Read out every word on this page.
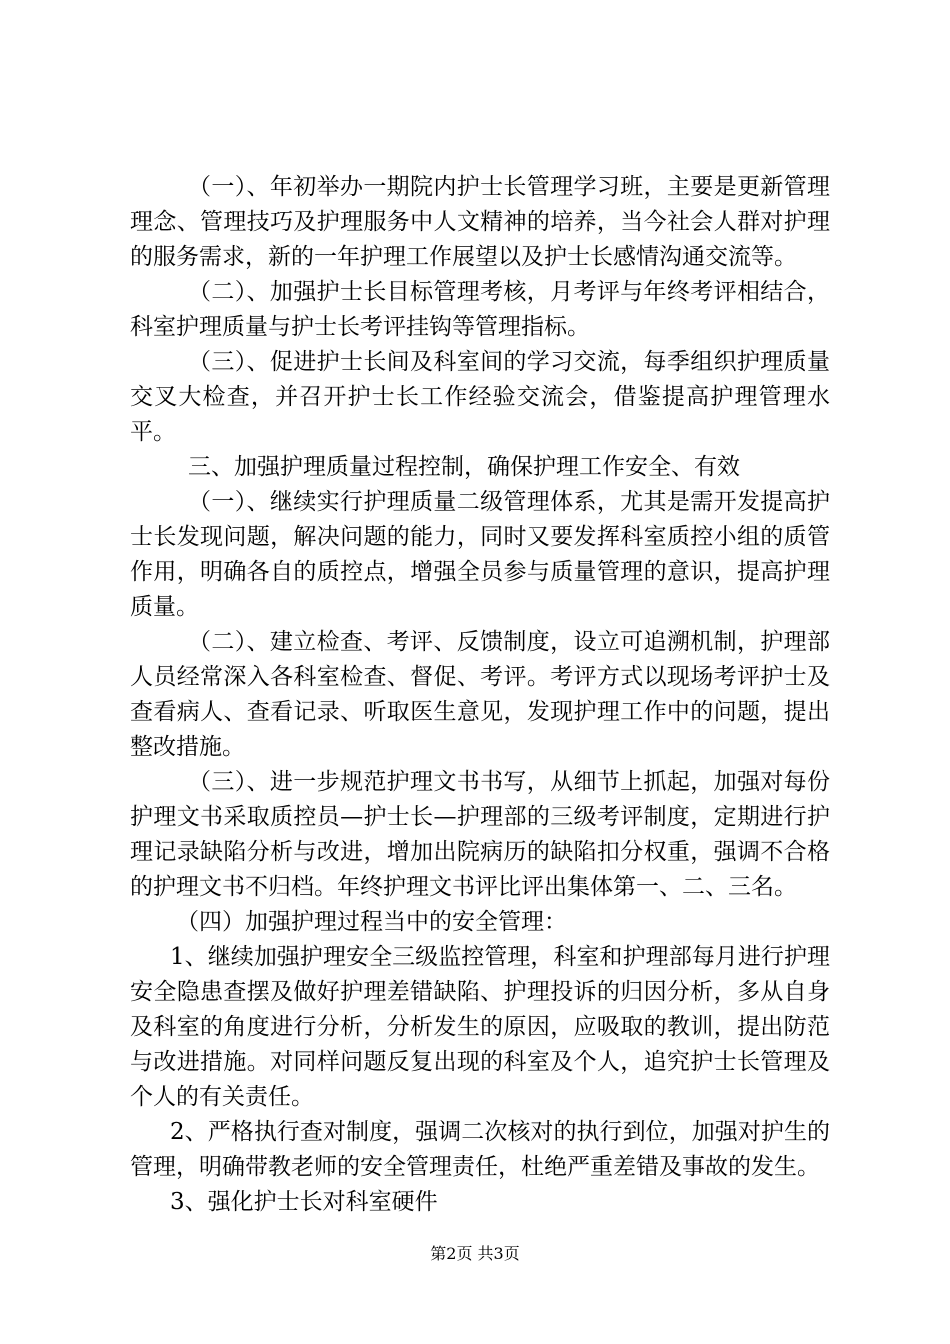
（一）、年初举办一期院内护士长管理学习班，主要是更新管理理念、管理技巧及护理服务中人文精神的培养，当今社会人群对护理的服务需求，新的一年护理工作展望以及护士长感情沟通交流等。

（二）、加强护士长目标管理考核，月考评与年终考评相结合，科室护理质量与护士长考评挂钩等管理指标。

（三）、促进护士长间及科室间的学习交流，每季组织护理质量交叉大检查，并召开护士长工作经验交流会，借鉴提高护理管理水平。

三、加强护理质量过程控制，确保护理工作安全、有效

（一）、继续实行护理质量二级管理体系，尤其是需开发提高护士长发现问题，解决问题的能力，同时又要发挥科室质控小组的质管作用，明确各自的质控点，增强全员参与质量管理的意识，提高护理质量。

（二）、建立检查、考评、反馈制度，设立可追溯机制，护理部人员经常深入各科室检查、督促、考评。考评方式以现场考评护士及查看病人、查看记录、听取医生意见，发现护理工作中的问题，提出整改措施。

（三）、进一步规范护理文书书写，从细节上抓起，加强对每份护理文书采取质控员—护士长—护理部的三级考评制度，定期进行护理记录缺陷分析与改进，增加出院病历的缺陷扣分权重，强调不合格的护理文书不归档。年终护理文书评比评出集体第一、二、三名。

（四）加强护理过程当中的安全管理：

1、继续加强护理安全三级监控管理，科室和护理部每月进行护理安全隐患查摆及做好护理差错缺陷、护理投诉的归因分析，多从自身及科室的角度进行分析，分析发生的原因，应吸取的教训，提出防范与改进措施。对同样问题反复出现的科室及个人，追究护士长管理及个人的有关责任。

2、严格执行查对制度，强调二次核对的执行到位，加强对护生的管理，明确带教老师的安全管理责任，杜绝严重差错及事故的发生。

3、强化护士长对科室硬件

第2页 共3页
